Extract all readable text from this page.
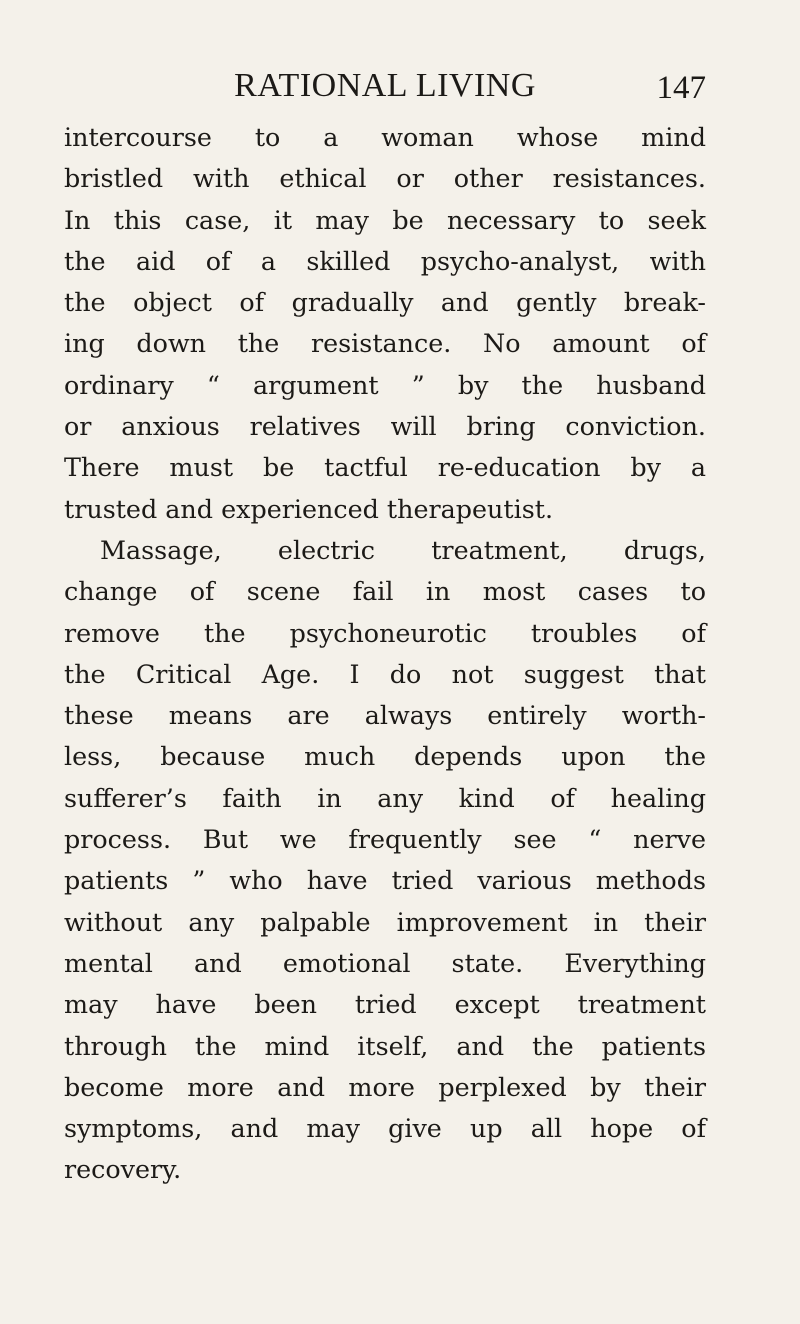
RATIONAL LIVING	147
intercourse to a woman whose mind
bristled with ethical or other resistances.
In this case, it may be necessary to seek
the aid of a skilled psycho-analyst, with
the object of gradually and gently break-
ing down the resistance. No amount of
ordinary “ argument ” by the husband
or anxious relatives will bring conviction.
There must be tactful re-education by a
trusted and experienced therapeutist.
Massage, electric treatment, drugs,
change of scene fail in most cases to
remove the psychoneurotic troubles of
the Critical Age. I do not suggest that
these means are always entirely worth-
less, because much depends upon the
sufferer’s faith in any kind of healing
process. But we frequently see “ nerve
patients ” who have tried various methods
without any palpable improvement in their
mental and emotional state. Everything
may have been tried except treatment
through the mind itself, and the patients
become more and more perplexed by their
symptoms, and may give up all hope of
recovery.
